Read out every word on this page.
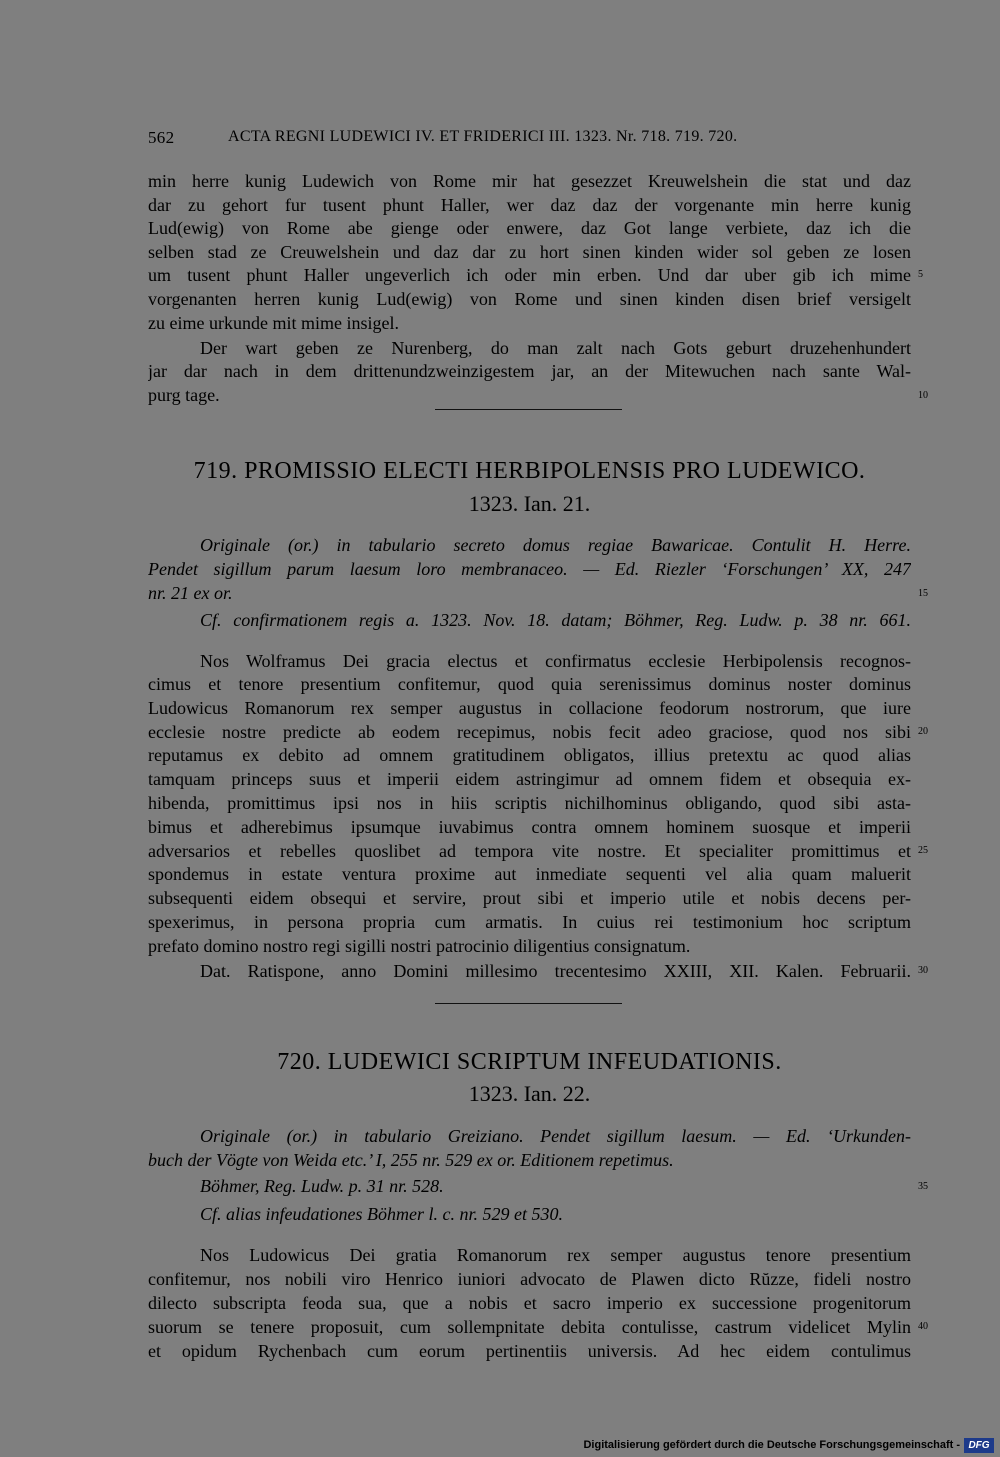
562	ACTA REGNI LUDEWICI IV. ET FRIDERICI III. 1323. Nr. 718. 719. 720.
min herre kunig Ludewich von Rome mir hat gesezzet Kreuwelshein die stat und daz
dar zu gehort fur tusent phunt Haller, wer daz daz der vorgenante min herre kunig
Lud(ewig) von Rome abe gienge oder enwere, daz Got lange verbiete, daz ich die
selben stad ze Creuwelshein und daz dar zu hort sinen kinden wider sol geben ze losen
um tusent phunt Haller ungeverlich ich oder min erben. Und dar uber gib ich mime
vorgenanten herren kunig Lud(ewig) von Rome und sinen kinden disen brief versigelt
zu eime urkunde mit mime insigel.
Der wart geben ze Nurenberg, do man zalt nach Gots geburt druzehenhundert
jar dar nach in dem drittenundzweinzigestem jar, an der Mitewuchen nach sante Wal-
purg tage.
719. PROMISSIO ELECTI HERBIPOLENSIS PRO LUDEWICO.
1323. Ian. 21.
Originale (or.) in tabulario secreto domus regiae Bawaricae. Contulit H. Herre.
Pendet sigillum parum laesum loro membranaceo. — Ed. Riezler ‘Forschungen’ XX, 247
nr. 21 ex or.
Cf. confirmationem regis a. 1323. Nov. 18. datam; Böhmer, Reg. Ludw. p. 38 nr. 661.
Nos Wolframus Dei gracia electus et confirmatus ecclesie Herbipolensis recognos-
cimus et tenore presentium confitemur, quod quia serenissimus dominus noster dominus
Ludowicus Romanorum rex semper augustus in collacione feodorum nostrorum, que iure
ecclesie nostre predicte ab eodem recepimus, nobis fecit adeo graciose, quod nos sibi
reputamus ex debito ad omnem gratitudinem obligatos, illius pretextu ac quod alias
tamquam princeps suus et imperii eidem astringimur ad omnem fidem et obsequia ex-
hibenda, promittimus ipsi nos in hiis scriptis nichilhominus obligando, quod sibi asta-
bimus et adherebimus ipsumque iuvabimus contra omnem hominem suosque et imperii
adversarios et rebelles quoslibet ad tempora vite nostre. Et specialiter promittimus et
spondemus in estate ventura proxime aut inmediate sequenti vel alia quam maluerit
subsequenti eidem obsequi et servire, prout sibi et imperio utile et nobis decens per-
spexerimus, in persona propria cum armatis. In cuius rei testimonium hoc scriptum
prefato domino nostro regi sigilli nostri patrocinio diligentius consignatum.
Dat. Ratispone, anno Domini millesimo trecentesimo XXIII, XII. Kalen. Februarii.
720. LUDEWICI SCRIPTUM INFEUDATIONIS.
1323. Ian. 22.
Originale (or.) in tabulario Greiziano. Pendet sigillum laesum. — Ed. ‘Urkunden-
buch der Vögte von Weida etc.’ I, 255 nr. 529 ex or. Editionem repetimus.
Böhmer, Reg. Ludw. p. 31 nr. 528.
Cf. alias infeudationes Böhmer l. c. nr. 529 et 530.
Nos Ludowicus Dei gratia Romanorum rex semper augustus tenore presentium
confitemur, nos nobili viro Henrico iuniori advocato de Plawen dicto Rŭzze, fideli nostro
dilecto subscripta feoda sua, que a nobis et sacro imperio ex successione progenitorum
suorum se tenere proposuit, cum sollempnitate debita contulisse, castrum videlicet Mylin
et opidum Rychenbach cum eorum pertinentiis universis. Ad hec eidem contulimus
5
10
15
20
25
30
35
40
Digitalisierung gefördert durch die Deutsche Forschungsgemeinschaft - DFG
